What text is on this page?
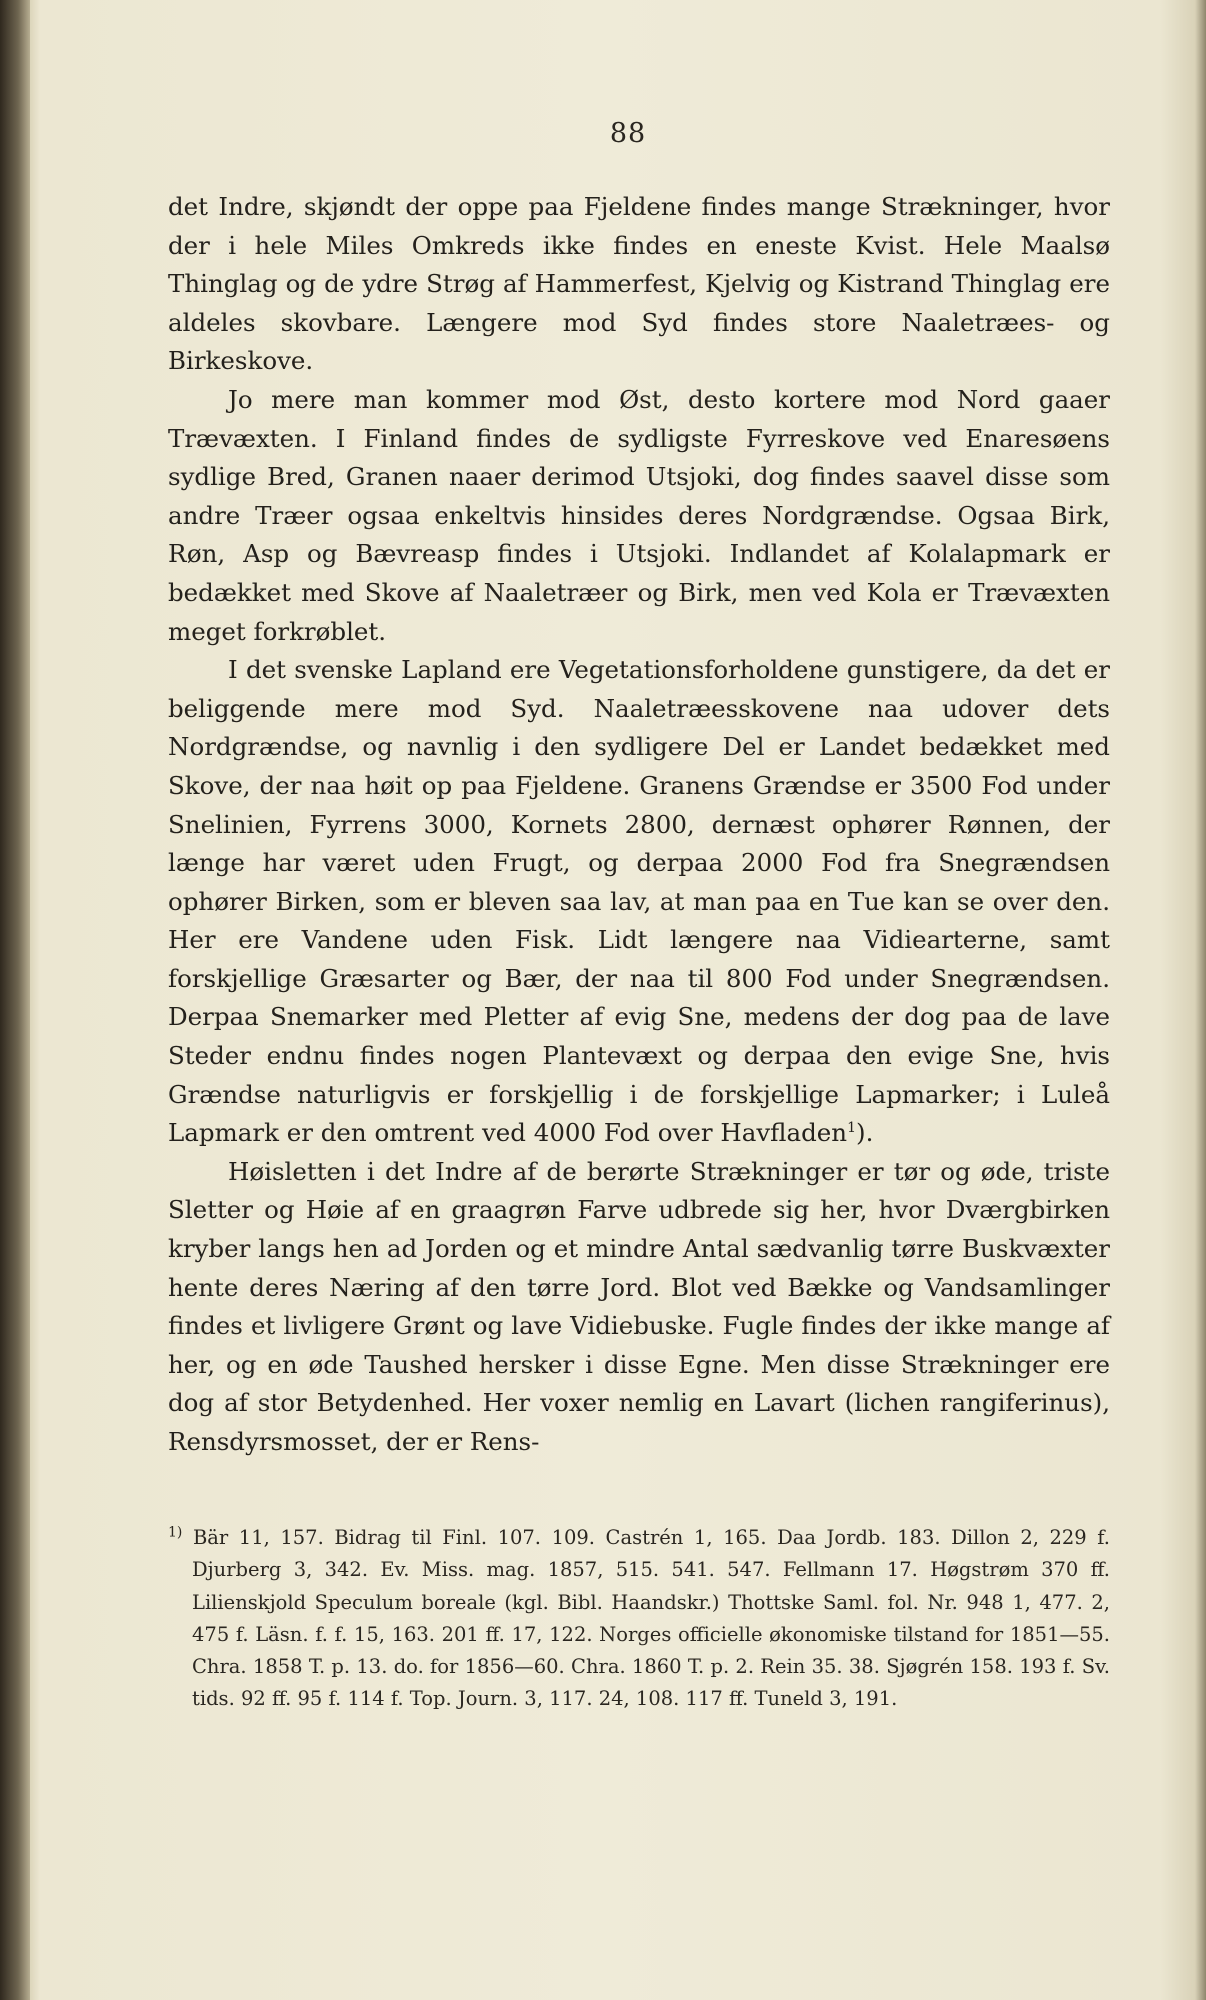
88

det Indre, skjøndt der oppe paa Fjeldene findes mange Strækninger, hvor der i hele Miles Omkreds ikke findes en eneste Kvist. Hele Maalsø Thinglag og de ydre Strøg af Hammerfest, Kjelvig og Kistrand Thinglag ere aldeles skovbare. Længere mod Syd findes store Naaletræes- og Birkeskove.

Jo mere man kommer mod Øst, desto kortere mod Nord gaaer Trævæxten. I Finland findes de sydligste Fyrreskove ved Enaresøens sydlige Bred, Granen naaer derimod Utsjoki, dog findes saavel disse som andre Træer ogsaa enkeltvis hinsides deres Nordgrændse. Ogsaa Birk, Røn, Asp og Bævreasp findes i Utsjoki. Indlandet af Kolalapmark er bedækket med Skove af Naaletræer og Birk, men ved Kola er Trævæxten meget forkrøblet.

I det svenske Lapland ere Vegetationsforholdene gunstigere, da det er beliggende mere mod Syd. Naaletræesskovene naa udover dets Nordgrændse, og navnlig i den sydligere Del er Landet bedækket med Skove, der naa høit op paa Fjeldene. Granens Grændse er 3500 Fod under Snelinien, Fyrrens 3000, Kornets 2800, dernæst ophører Rønnen, der længe har været uden Frugt, og derpaa 2000 Fod fra Snegrændsen ophører Birken, som er bleven saa lav, at man paa en Tue kan se over den. Her ere Vandene uden Fisk. Lidt længere naa Vidiearterne, samt forskjellige Græsarter og Bær, der naa til 800 Fod under Snegrændsen. Derpaa Snemarker med Pletter af evig Sne, medens der dog paa de lave Steder endnu findes nogen Plantevæxt og derpaa den evige Sne, hvis Grændse naturligvis er forskjellig i de forskjellige Lapmarker; i Luleå Lapmark er den omtrent ved 4000 Fod over Havfladen$^1$).

Høisletten i det Indre af de berørte Strækninger er tør og øde, triste Sletter og Høie af en graagrøn Farve udbrede sig her, hvor Dværgbirken kryber langs hen ad Jorden og et mindre Antal sædvanlig tørre Buskvæxter hente deres Næring af den tørre Jord. Blot ved Bække og Vandsamlinger findes et livligere Grønt og lave Vidiebuske. Fugle findes der ikke mange af her, og en øde Taushed hersker i disse Egne. Men disse Strækninger ere dog af stor Betydenhed. Her voxer nemlig en Lavart (lichen rangiferinus), Rensdyrsmosset, der er Rens-

$^{1)}$ Bär 11, 157. Bidrag til Finl. 107. 109. Castrén 1, 165. Daa Jordb. 183. Dillon 2, 229 f. Djurberg 3, 342. Ev. Miss. mag. 1857, 515. 541. 547. Fellmann 17. Høgstrøm 370 ff. Lilienskjold Speculum boreale (kgl. Bibl. Haandskr.) Thottske Saml. fol. Nr. 948 1, 477. 2, 475 f. Läsn. f. f. 15, 163. 201 ff. 17, 122. Norges officielle økonomiske tilstand for 1851—55. Chra. 1858 T. p. 13. do. for 1856—60. Chra. 1860 T. p. 2. Rein 35. 38. Sjøgrén 158. 193 f. Sv. tids. 92 ff. 95 f. 114 f. Top. Journ. 3, 117. 24, 108. 117 ff. Tuneld 3, 191.
